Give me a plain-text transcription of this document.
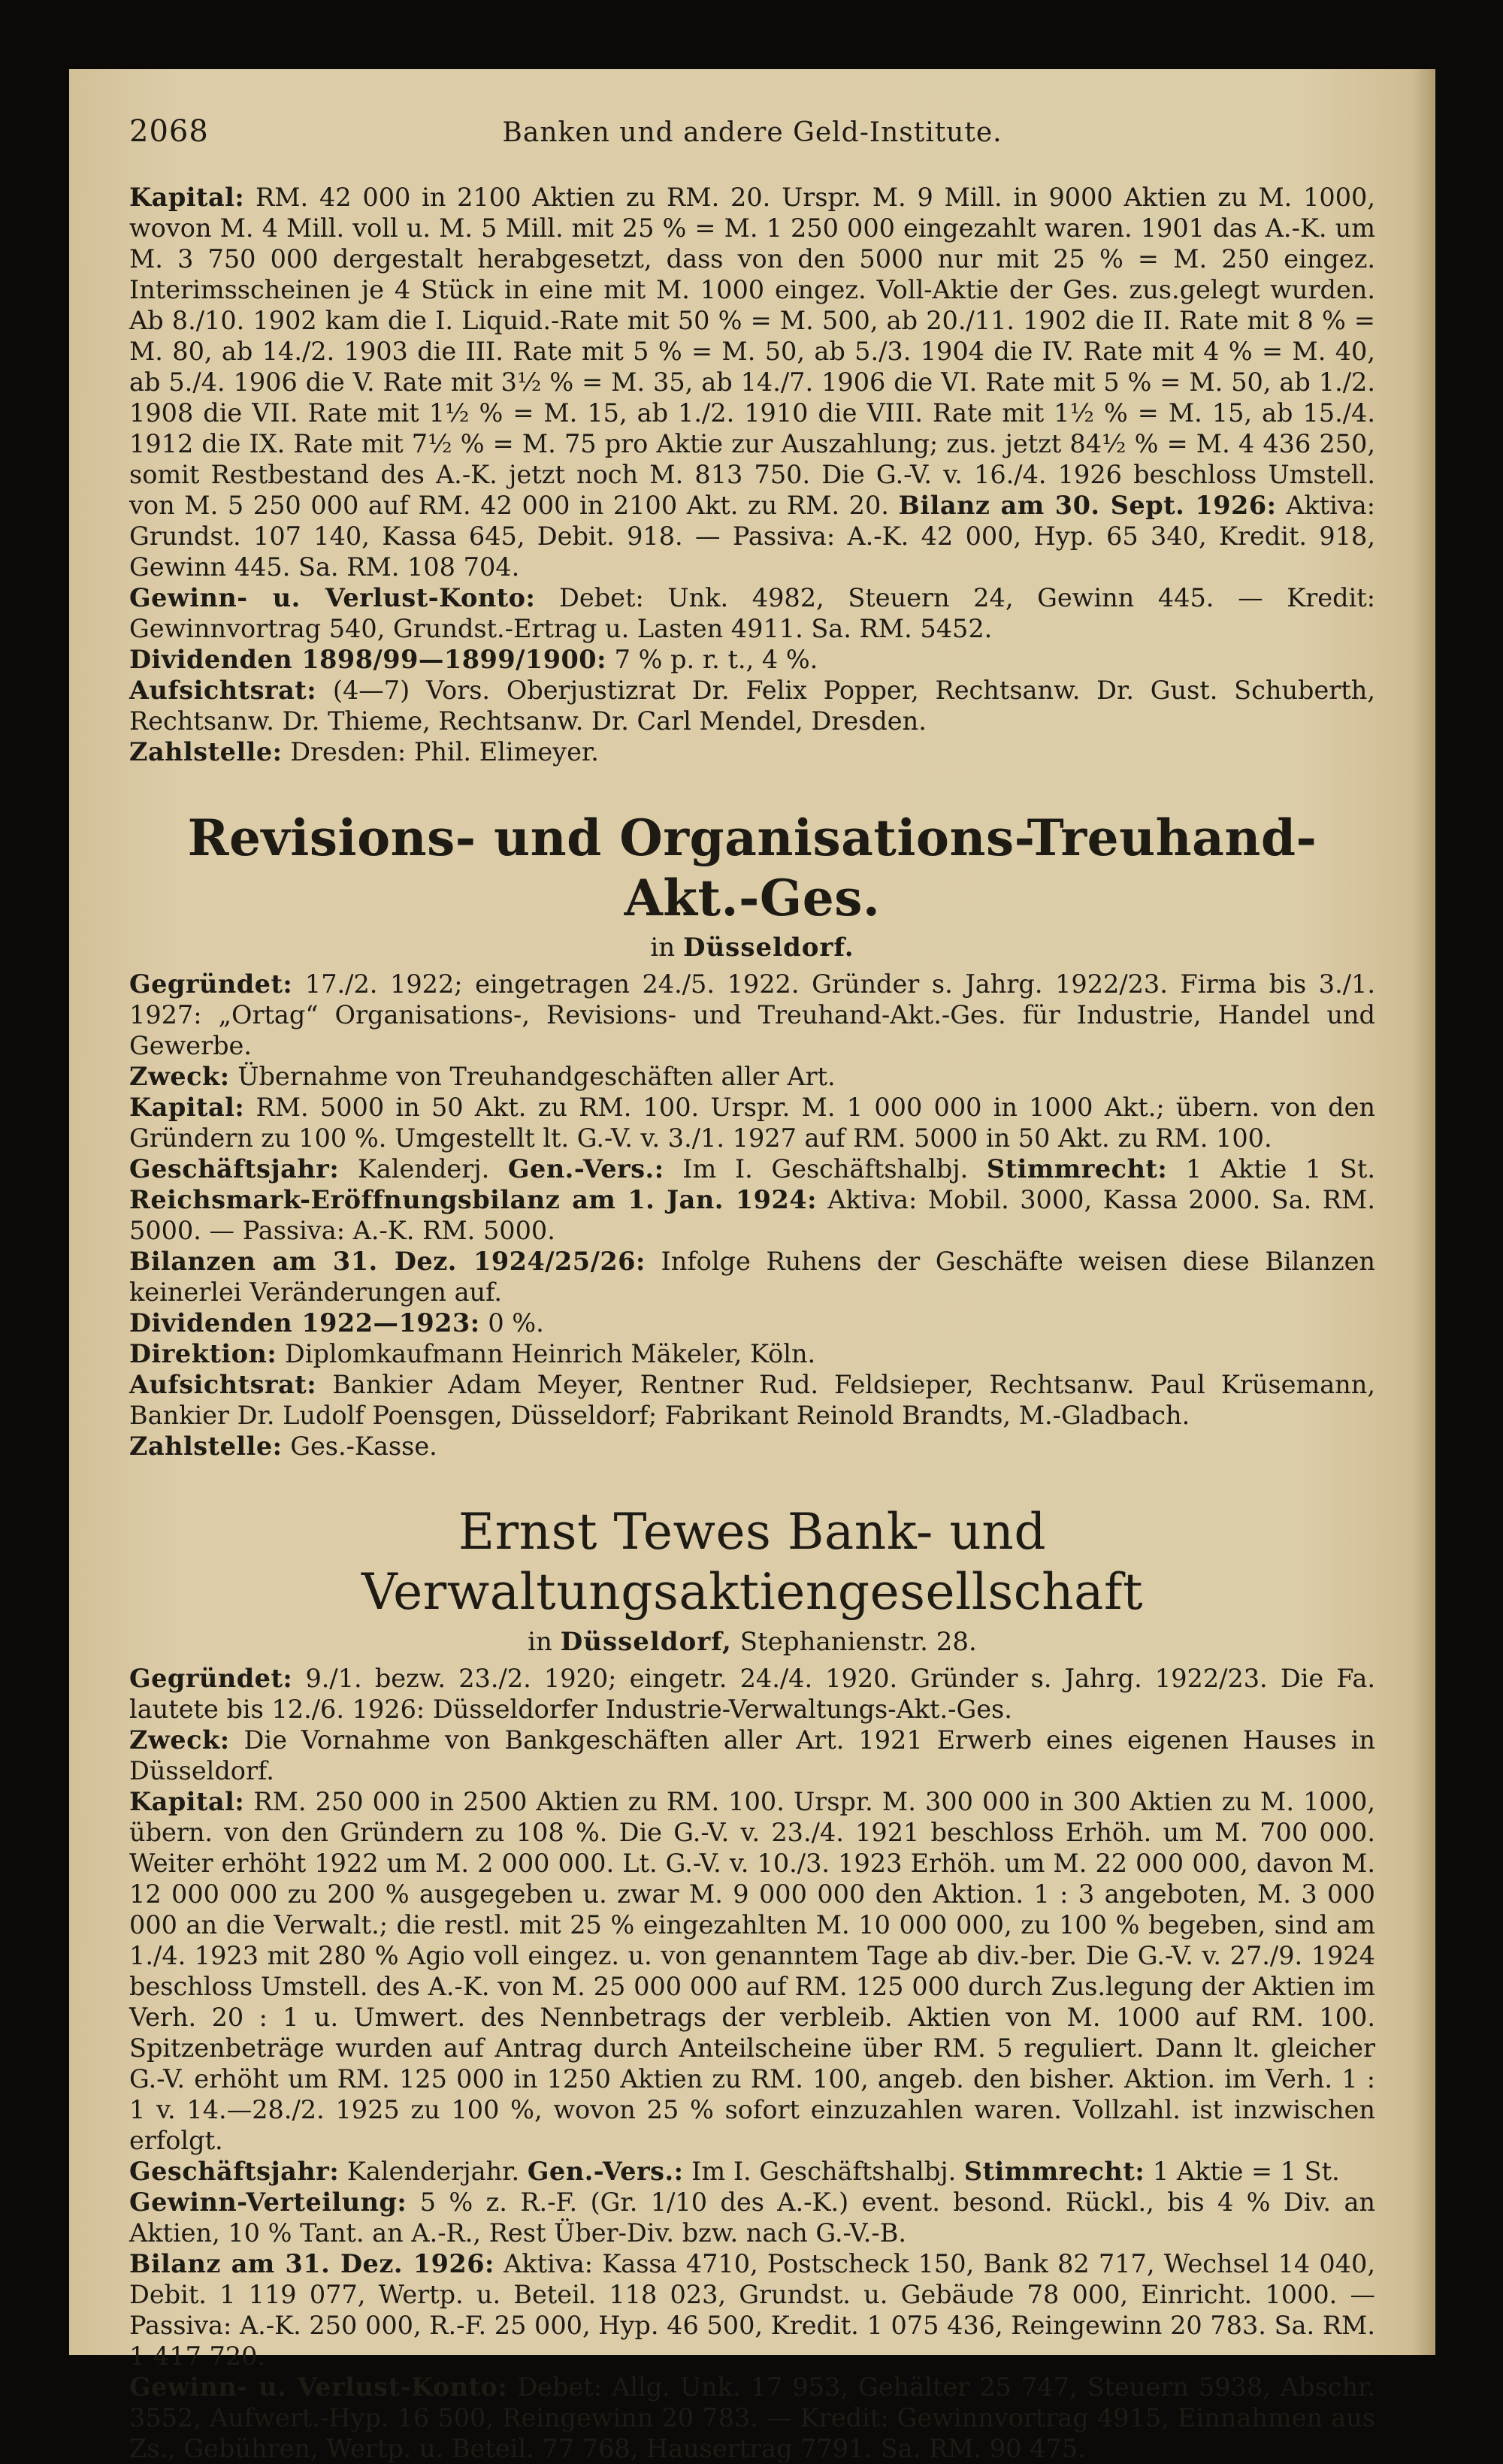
2068	Banken und andere Geld-Institute.

Kapital: RM. 42 000 in 2100 Aktien zu RM. 20. Urspr. M. 9 Mill. in 9000 Aktien zu M. 1000, wovon M. 4 Mill. voll u. M. 5 Mill. mit 25 % = M. 1 250 000 eingezahlt waren. 1901 das A.-K. um M. 3 750 000 dergestalt herabgesetzt, dass von den 5000 nur mit 25 % = M. 250 eingez. Interimsscheinen je 4 Stück in eine mit M. 1000 eingez. Voll-Aktie der Ges. zus.gelegt wurden. Ab 8./10. 1902 kam die I. Liquid.-Rate mit 50 % = M. 500, ab 20./11. 1902 die II. Rate mit 8 % = M. 80, ab 14./2. 1903 die III. Rate mit 5 % = M. 50, ab 5./3. 1904 die IV. Rate mit 4 % = M. 40, ab 5./4. 1906 die V. Rate mit 3½ % = M. 35, ab 14./7. 1906 die VI. Rate mit 5 % = M. 50, ab 1./2. 1908 die VII. Rate mit 1½ % = M. 15, ab 1./2. 1910 die VIII. Rate mit 1½ % = M. 15, ab 15./4. 1912 die IX. Rate mit 7½ % = M. 75 pro Aktie zur Auszahlung; zus. jetzt 84½ % = M. 4 436 250, somit Restbestand des A.-K. jetzt noch M. 813 750. Die G.-V. v. 16./4. 1926 beschloss Umstell. von M. 5 250 000 auf RM. 42 000 in 2100 Akt. zu RM. 20. Bilanz am 30. Sept. 1926: Aktiva: Grundst. 107 140, Kassa 645, Debit. 918. — Passiva: A.-K. 42 000, Hyp. 65 340, Kredit. 918, Gewinn 445. Sa. RM. 108 704.

Gewinn- u. Verlust-Konto: Debet: Unk. 4982, Steuern 24, Gewinn 445. — Kredit: Gewinnvortrag 540, Grundst.-Ertrag u. Lasten 4911. Sa. RM. 5452.

Dividenden 1898/99—1899/1900: 7 % p. r. t., 4 %.

Aufsichtsrat: (4—7) Vors. Oberjustizrat Dr. Felix Popper, Rechtsanw. Dr. Gust. Schuberth, Rechtsanw. Dr. Thieme, Rechtsanw. Dr. Carl Mendel, Dresden.

Zahlstelle: Dresden: Phil. Elimeyer.

Revisions- und Organisations-Treuhand-Akt.-Ges.
in Düsseldorf.

Gegründet: 17./2. 1922; eingetragen 24./5. 1922. Gründer s. Jahrg. 1922/23. Firma bis 3./1. 1927: „Ortag“ Organisations-, Revisions- und Treuhand-Akt.-Ges. für Industrie, Handel und Gewerbe.

Zweck: Übernahme von Treuhandgeschäften aller Art.

Kapital: RM. 5000 in 50 Akt. zu RM. 100. Urspr. M. 1 000 000 in 1000 Akt.; übern. von den Gründern zu 100 %. Umgestellt lt. G.-V. v. 3./1. 1927 auf RM. 5000 in 50 Akt. zu RM. 100.

Geschäftsjahr: Kalenderj. Gen.-Vers.: Im I. Geschäftshalbj. Stimmrecht: 1 Aktie 1 St. Reichsmark-Eröffnungsbilanz am 1. Jan. 1924: Aktiva: Mobil. 3000, Kassa 2000. Sa. RM. 5000. — Passiva: A.-K. RM. 5000.

Bilanzen am 31. Dez. 1924/25/26: Infolge Ruhens der Geschäfte weisen diese Bilanzen keinerlei Veränderungen auf.

Dividenden 1922—1923: 0 %.

Direktion: Diplomkaufmann Heinrich Mäkeler, Köln.

Aufsichtsrat: Bankier Adam Meyer, Rentner Rud. Feldsieper, Rechtsanw. Paul Krüsemann, Bankier Dr. Ludolf Poensgen, Düsseldorf; Fabrikant Reinold Brandts, M.-Gladbach.

Zahlstelle: Ges.-Kasse.

Ernst Tewes Bank- und Verwaltungsaktiengesellschaft
in Düsseldorf, Stephanienstr. 28.

Gegründet: 9./1. bezw. 23./2. 1920; eingetr. 24./4. 1920. Gründer s. Jahrg. 1922/23. Die Fa. lautete bis 12./6. 1926: Düsseldorfer Industrie-Verwaltungs-Akt.-Ges.

Zweck: Die Vornahme von Bankgeschäften aller Art. 1921 Erwerb eines eigenen Hauses in Düsseldorf.

Kapital: RM. 250 000 in 2500 Aktien zu RM. 100. Urspr. M. 300 000 in 300 Aktien zu M. 1000, übern. von den Gründern zu 108 %. Die G.-V. v. 23./4. 1921 beschloss Erhöh. um M. 700 000. Weiter erhöht 1922 um M. 2 000 000. Lt. G.-V. v. 10./3. 1923 Erhöh. um M. 22 000 000, davon M. 12 000 000 zu 200 % ausgegeben u. zwar M. 9 000 000 den Aktion. 1 : 3 angeboten, M. 3 000 000 an die Verwalt.; die restl. mit 25 % eingezahlten M. 10 000 000, zu 100 % begeben, sind am 1./4. 1923 mit 280 % Agio voll eingez. u. von genanntem Tage ab div.-ber. Die G.-V. v. 27./9. 1924 beschloss Umstell. des A.-K. von M. 25 000 000 auf RM. 125 000 durch Zus.legung der Aktien im Verh. 20 : 1 u. Umwert. des Nennbetrags der verbleib. Aktien von M. 1000 auf RM. 100. Spitzenbeträge wurden auf Antrag durch Anteilscheine über RM. 5 reguliert. Dann lt. gleicher G.-V. erhöht um RM. 125 000 in 1250 Aktien zu RM. 100, angeb. den bisher. Aktion. im Verh. 1 : 1 v. 14.—28./2. 1925 zu 100 %, wovon 25 % sofort einzuzahlen waren. Vollzahl. ist inzwischen erfolgt.

Geschäftsjahr: Kalenderjahr. Gen.-Vers.: Im I. Geschäftshalbj. Stimmrecht: 1 Aktie = 1 St.

Gewinn-Verteilung: 5 % z. R.-F. (Gr. 1/10 des A.-K.) event. besond. Rückl., bis 4 % Div. an Aktien, 10 % Tant. an A.-R., Rest Über-Div. bzw. nach G.-V.-B.

Bilanz am 31. Dez. 1926: Aktiva: Kassa 4710, Postscheck 150, Bank 82 717, Wechsel 14 040, Debit. 1 119 077, Wertp. u. Beteil. 118 023, Grundst. u. Gebäude 78 000, Einricht. 1000. — Passiva: A.-K. 250 000, R.-F. 25 000, Hyp. 46 500, Kredit. 1 075 436, Reingewinn 20 783. Sa. RM. 1 417 720.

Gewinn- u. Verlust-Konto: Debet: Allg. Unk. 17 953, Gehälter 25 747, Steuern 5938, Abschr. 3552, Aufwert.-Hyp. 16 500, Reingewinn 20 783. — Kredit: Gewinnvortrag 4915, Einnahmen aus Zs., Gebühren, Wertp. u. Beteil. 77 768, Hausertrag 7791. Sa. RM. 90 475.
